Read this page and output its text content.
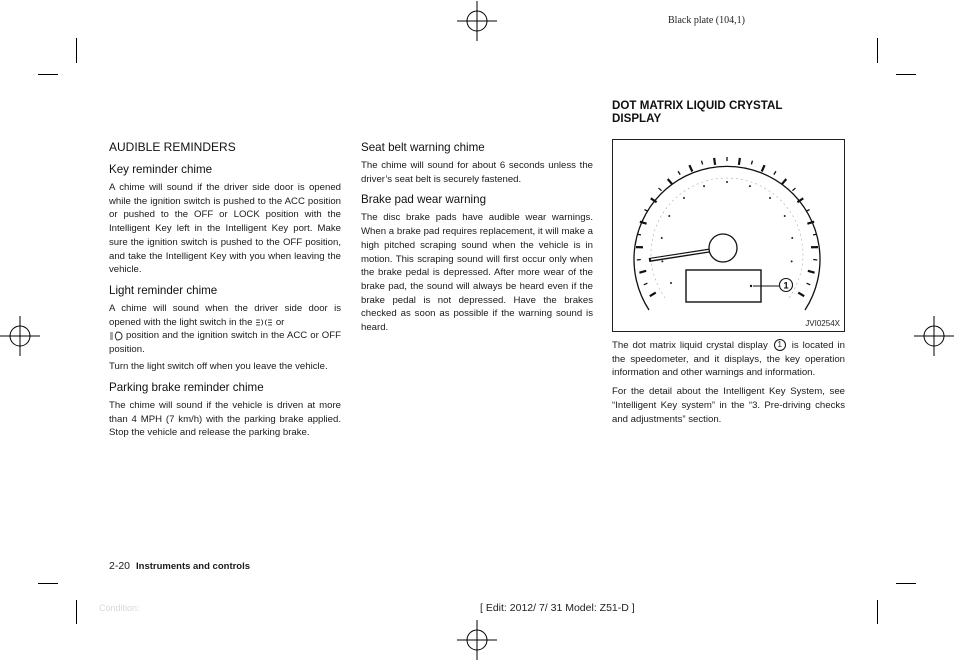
Black plate (104,1)
AUDIBLE REMINDERS
Key reminder chime

A chime will sound if the driver side door is opened while the ignition switch is pushed to the ACC position or pushed to the OFF or LOCK position with the Intelligent Key left in the Intelligent Key port. Make sure the ignition switch is pushed to the OFF position, and take the Intelligent Key with you when leaving the vehicle.

Light reminder chime

A chime will sound when the driver side door is opened with the light switch in the or
position and the ignition switch in the ACC or OFF position.

Turn the light switch off when you leave the vehicle.

Parking brake reminder chime

The chime will sound if the vehicle is driven at more than 4 MPH (7 km/h) with the parking brake applied. Stop the vehicle and release the parking brake.

Seat belt warning chime

The chime will sound for about 6 seconds unless the driver’s seat belt is securely fastened.

Brake pad wear warning

The disc brake pads have audible wear warnings. When a brake pad requires replacement, it will make a high pitched scraping sound when the vehicle is in motion. This scraping sound will first occur only when the brake pedal is depressed. After more wear of the brake pad, the sound will always be heard even if the brake pedal is not depressed. Have the brakes checked as soon as possible if the warning sound is heard.

DOT MATRIX LIQUID CRYSTAL
DISPLAY
1
JVI0254X

The dot matrix liquid crystal display 1 is located in the speedometer, and it displays, the key operation information and other warnings and information.

For the detail about the Intelligent Key System, see “Intelligent Key system” in the “3. Pre-driving checks and adjustments” section.

2-20 Instruments and controls
Condition:	[ Edit: 2012/ 7/ 31 Model: Z51-D ]
